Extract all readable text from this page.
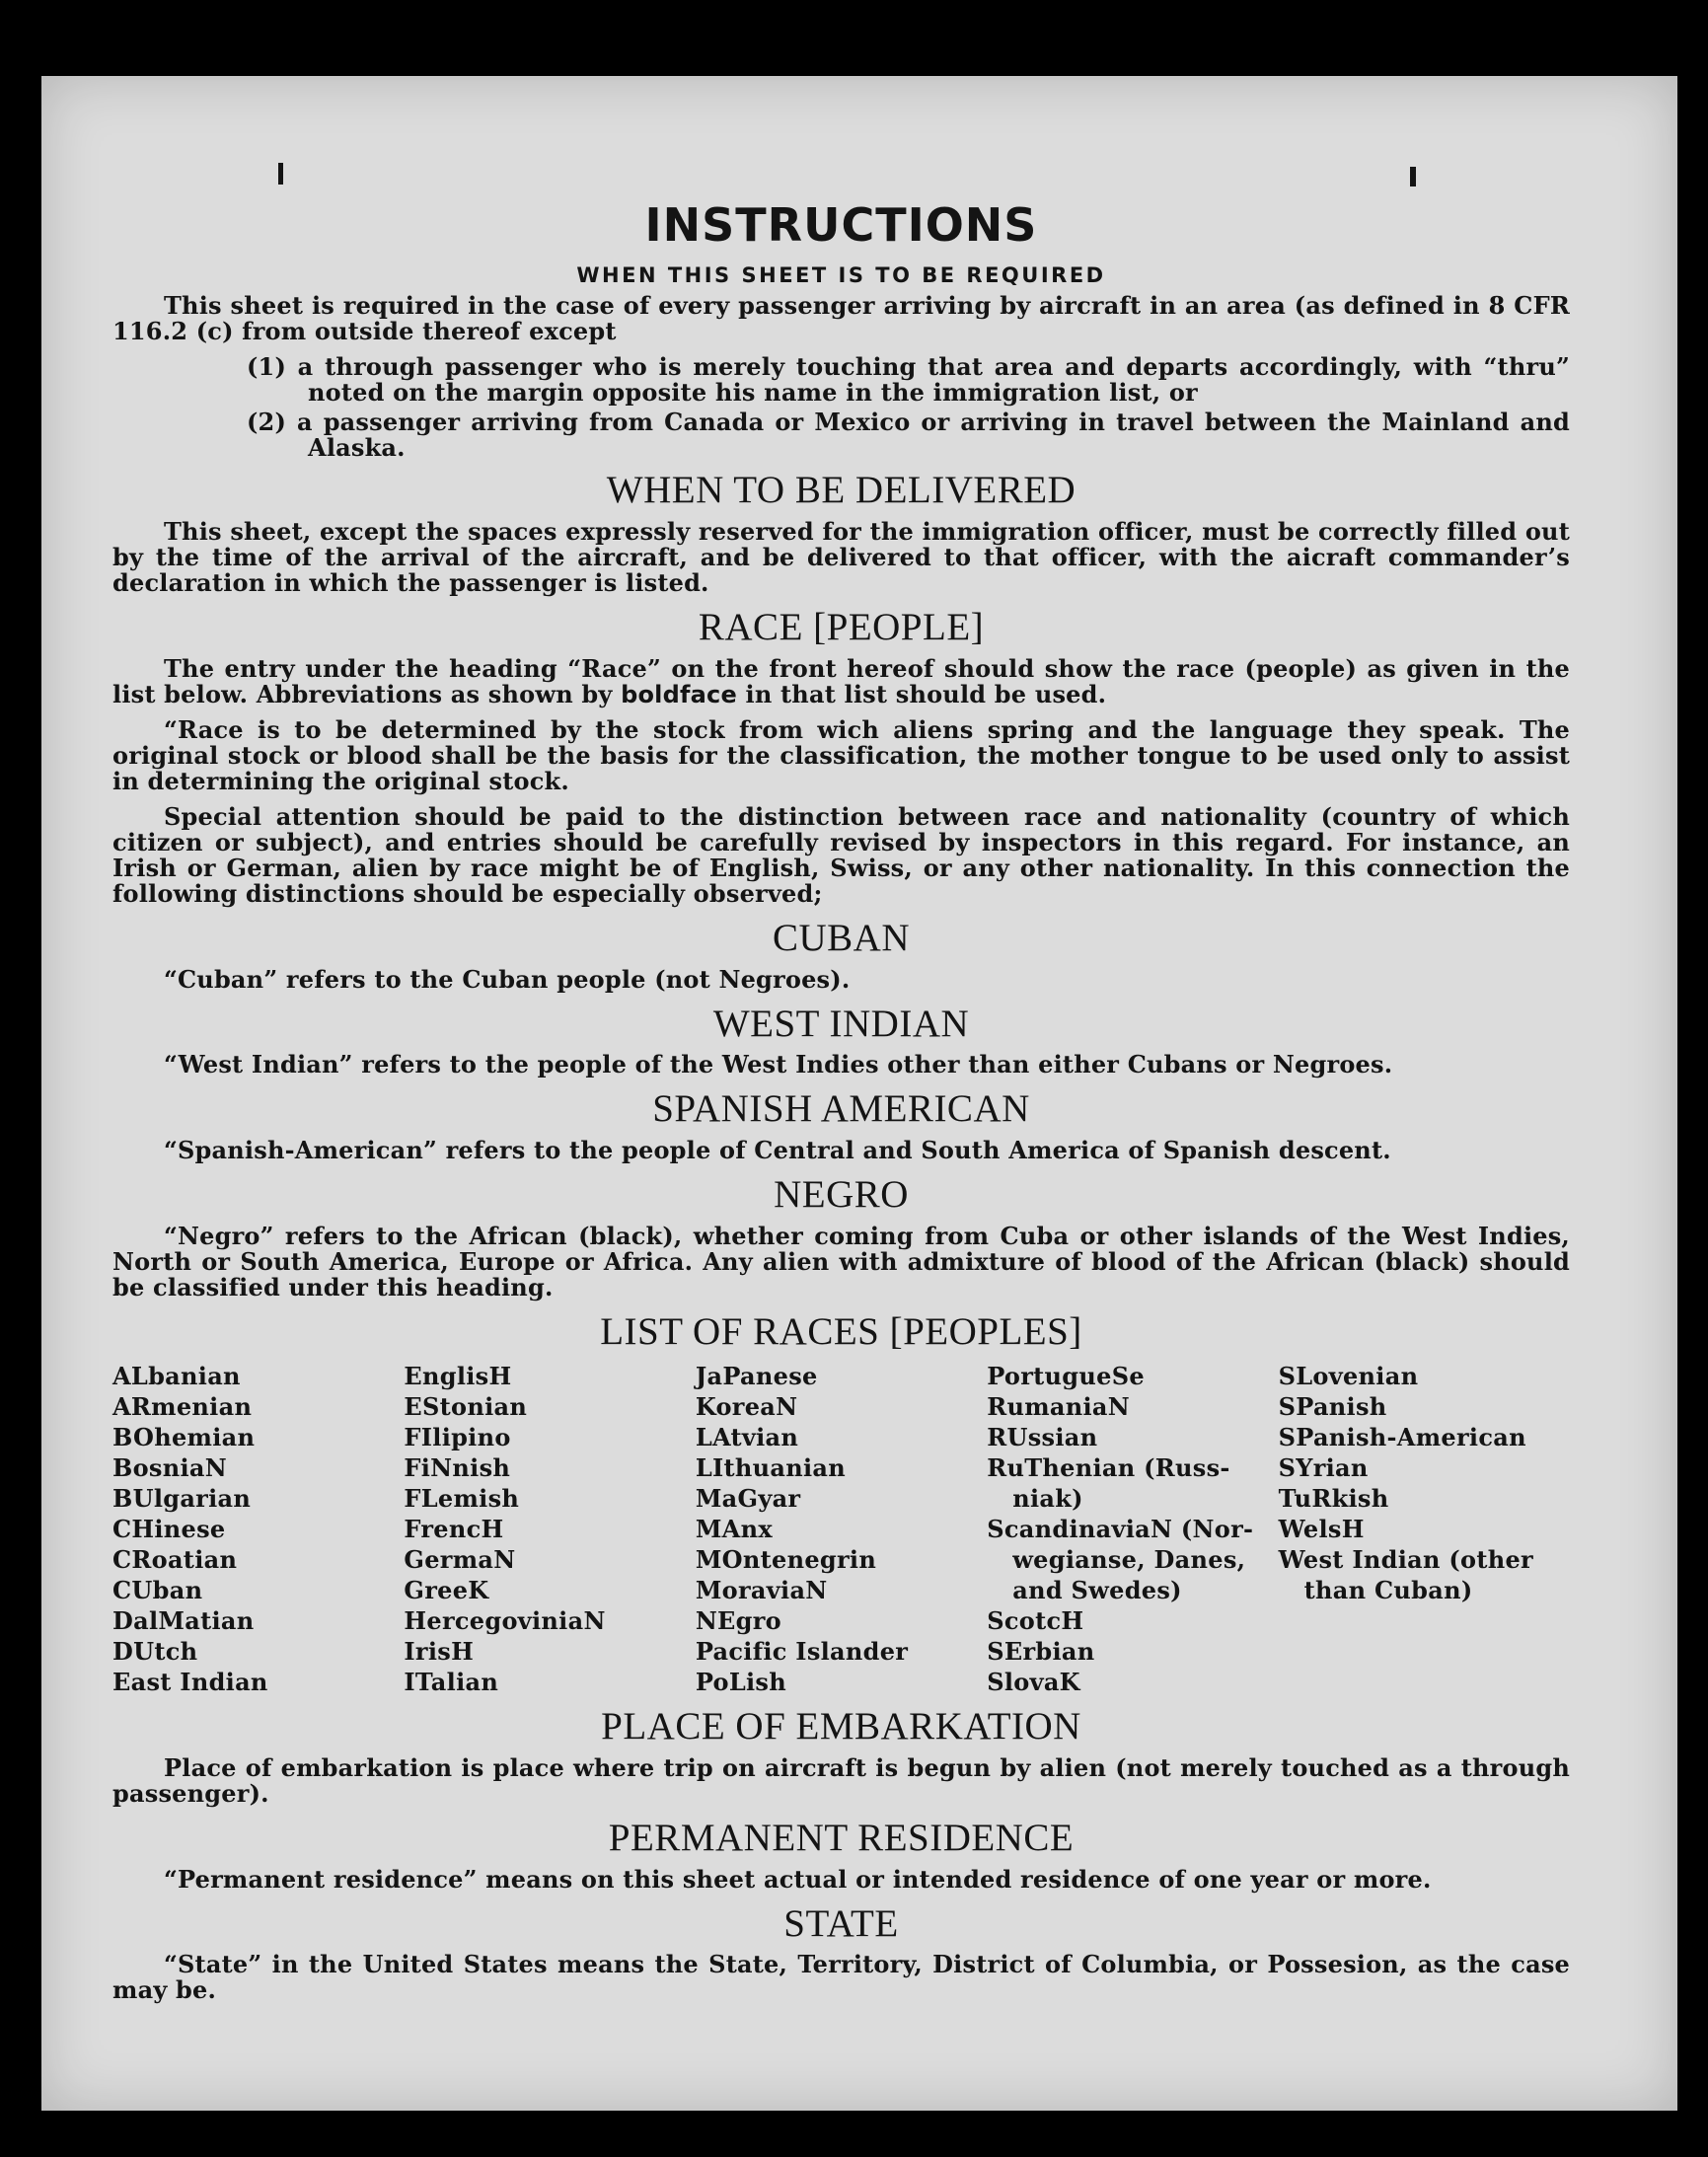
INSTRUCTIONS
WHEN THIS SHEET IS TO BE REQUIRED

This sheet is required in the case of every passenger arriving by aircraft in an area (as defined in 8 CFR 116.2 (c) from outside thereof except

(1) a through passenger who is merely touching that area and departs accordingly, with “thru” noted on the margin opposite his name in the immigration list, or

(2) a passenger arriving from Canada or Mexico or arriving in travel between the Mainland and Alaska.

WHEN TO BE DELIVERED

This sheet, except the spaces expressly reserved for the immigration officer, must be correctly filled out by the time of the arrival of the aircraft, and be delivered to that officer, with the aicraft commander’s declaration in which the passenger is listed.

RACE [PEOPLE]

The entry under the heading “Race” on the front hereof should show the race (people) as given in the list below. Abbreviations as shown by boldface in that list should be used.

“Race is to be determined by the stock from wich aliens spring and the language they speak. The original stock or blood shall be the basis for the classification, the mother tongue to be used only to assist in determining the original stock.

Special attention should be paid to the distinction between race and nationality (country of which citizen or subject), and entries should be carefully revised by inspectors in this regard. For instance, an Irish or German, alien by race might be of English, Swiss, or any other nationality. In this connection the following distinctions should be especially observed;

CUBAN

“Cuban” refers to the Cuban people (not Negroes).

WEST INDIAN

“West Indian” refers to the people of the West Indies other than either Cubans or Negroes.

SPANISH AMERICAN

“Spanish-American” refers to the people of Central and South America of Spanish descent.

NEGRO

“Negro” refers to the African (black), whether coming from Cuba or other islands of the West Indies, North or South America, Europe or Africa. Any alien with admixture of blood of the African (black) should be classified under this heading.

LIST OF RACES [PEOPLES]
ALbanian
ARmenian
BOhemian
BosniaN
BUlgarian
CHinese
CRoatian
CUban
DalMatian
DUtch
East Indian
EnglisH
EStonian
FIlipino
FiNnish
FLemish
FrencH
GermaN
GreeK
HercegoviniaN
IrisH
ITalian
JaPanese
KoreaN
LAtvian
LIthuanian
MaGyar
MAnx
MOntenegrin
MoraviaN
NEgro
Pacific Islander
PoLish
PortugueSe
RumaniaN
RUssian
RuThenian (Russ-
niak)
ScandinaviaN (Nor-
wegianse, Danes,
and Swedes)
ScotcH
SErbian
SlovaK
SLovenian
SPanish
SPanish-American
SYrian
TuRkish
WelsH
West Indian (other
than Cuban)
PLACE OF EMBARKATION

Place of embarkation is place where trip on aircraft is begun by alien (not merely touched as a through passenger).

PERMANENT RESIDENCE

“Permanent residence” means on this sheet actual or intended residence of one year or more.

STATE

“State” in the United States means the State, Territory, District of Columbia, or Possesion, as the case may be.
